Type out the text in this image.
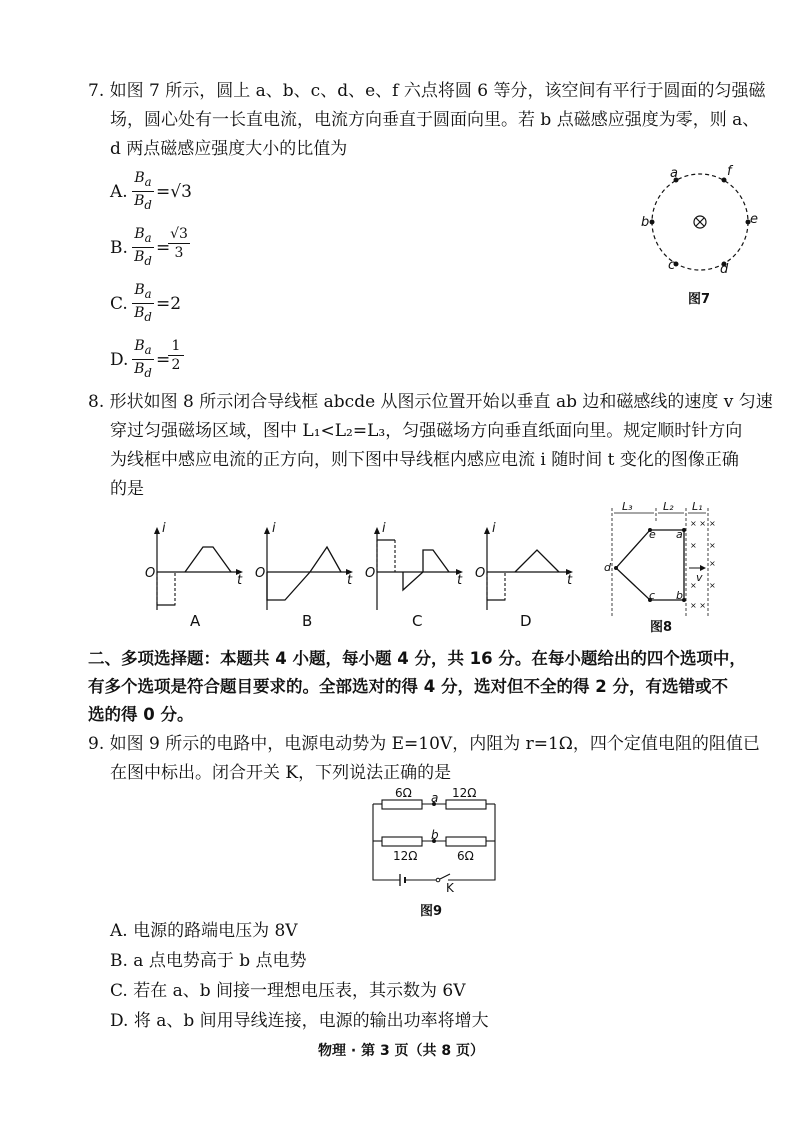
7. 如图 7 所示，圆上 a、b、c、d、e、f 六点将圆 6 等分，该空间有平行于圆面的匀强磁
场，圆心处有一长直电流，电流方向垂直于圆面向里。若 b 点磁感应强度为零，则 a、
d 两点磁感应强度大小的比值为
A.
$B_a$
$B_d$
=√3
B.
$B_a$
$B_d$
=
√3
3
C.
$B_a$
$B_d$
=2
D.
$B_a$
$B_d$
=
1
2
a	f
b	e
c	d
图7
8. 形状如图 8 所示闭合导线框 abcde 从图示位置开始以垂直 ab 边和磁感线的速度 v 匀速
穿过匀强磁场区域，图中 L₁<L₂=L₃，匀强磁场方向垂直纸面向里。规定顺时针方向
为线框中感应电流的正方向，则下图中导线框内感应电流 i 随时间 t 变化的图像正确
的是
i
O	t
A
i
O	t
B
i
O	t
C
i
O	t
D
× ×
× ×
× ×
× ×
×
×
L₃	L₂ L₁
e a
d
v
c b
图8
二、多项选择题：本题共 4 小题，每小题 4 分，共 16 分。在每小题给出的四个选项中，
有多个选项是符合题目要求的。全部选对的得 4 分，选对但不全的得 2 分，有选错或不
选的得 0 分。
9. 如图 9 所示的电路中，电源电动势为 E=10V，内阻为 r=1Ω，四个定值电阻的阻值已
在图中标出。闭合开关 K，下列说法正确的是
6Ω a 12Ω
b
12Ω	6Ω
K
图9
A. 电源的路端电压为 8V
B. a 点电势高于 b 点电势
C. 若在 a、b 间接一理想电压表，其示数为 6V
D. 将 a、b 间用导线连接，电源的输出功率将增大
物理 · 第 3 页（共 8 页）
